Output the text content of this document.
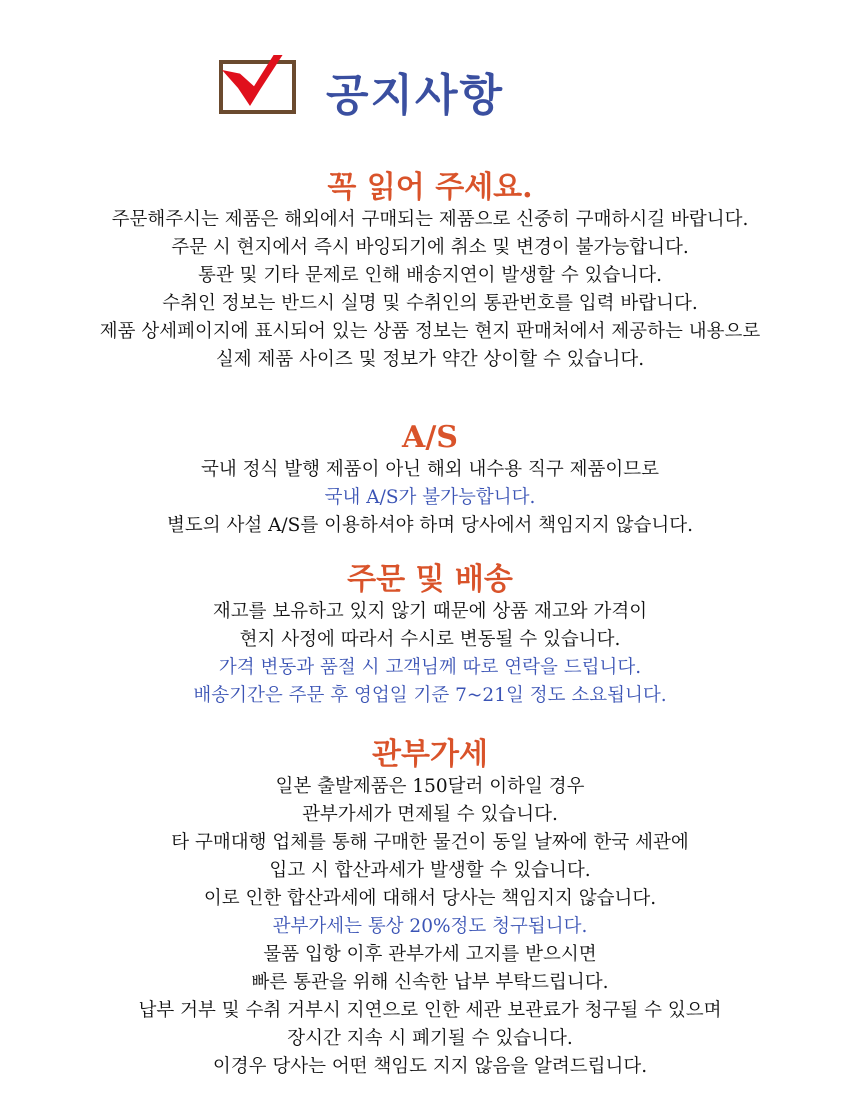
공지사항
꼭 읽어 주세요.
주문해주시는 제품은 해외에서 구매되는 제품으로 신중히 구매하시길 바랍니다.
주문 시 현지에서 즉시 바잉되기에 취소 및 변경이 불가능합니다.
통관 및 기타 문제로 인해 배송지연이 발생할 수 있습니다.
수취인 정보는 반드시 실명 및 수취인의 통관번호를 입력 바랍니다.
제품 상세페이지에 표시되어 있는 상품 정보는 현지 판매처에서 제공하는 내용으로
실제 제품 사이즈 및 정보가 약간 상이할 수 있습니다.
A/S
국내 정식 발행 제품이 아닌 해외 내수용 직구 제품이므로
국내 A/S가 불가능합니다.
별도의 사설 A/S를 이용하셔야 하며 당사에서 책임지지 않습니다.
주문 및 배송
재고를 보유하고 있지 않기 때문에 상품 재고와 가격이
현지 사정에 따라서 수시로 변동될 수 있습니다.
가격 변동과 품절 시 고객님께 따로 연락을 드립니다.
배송기간은 주문 후 영업일 기준 7~21일 정도 소요됩니다.
관부가세
일본 출발제품은 150달러 이하일 경우
관부가세가 면제될 수 있습니다.
타 구매대행 업체를 통해 구매한 물건이 동일 날짜에 한국 세관에
입고 시 합산과세가 발생할 수 있습니다.
이로 인한 합산과세에 대해서 당사는 책임지지 않습니다.
관부가세는 통상 20%정도 청구됩니다.
물품 입항 이후 관부가세 고지를 받으시면
빠른 통관을 위해 신속한 납부 부탁드립니다.
납부 거부 및 수취 거부시 지연으로 인한 세관 보관료가 청구될 수 있으며
장시간 지속 시 폐기될 수 있습니다.
이경우 당사는 어떤 책임도 지지 않음을 알려드립니다.
